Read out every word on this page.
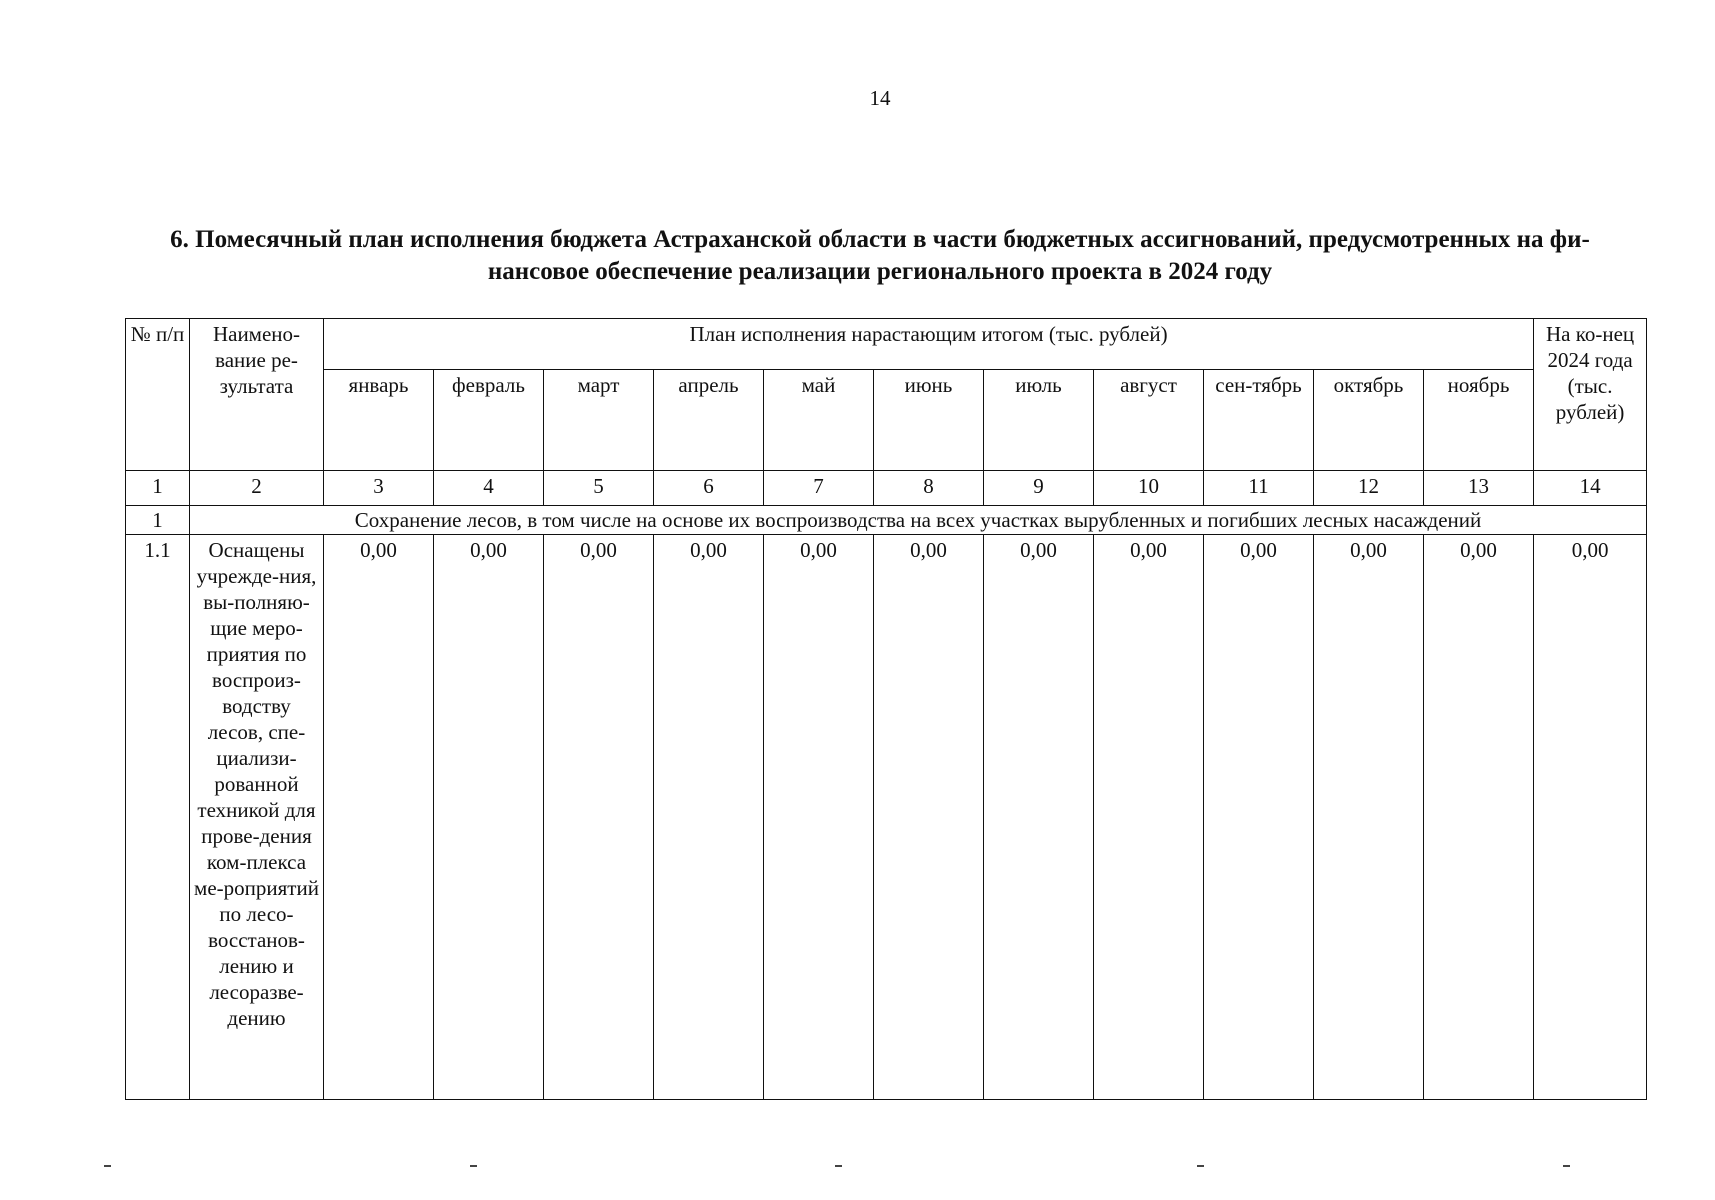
14
6. Помесячный план исполнения бюджета Астраханской области в части бюджетных ассигнований, предусмотренных на фи-
нансовое обеспечение реализации регионального проекта в 2024 году
№ п/п	Наимено-вание ре-зультата	План исполнения нарастающим итогом (тыс. рублей)											На ко-нец 2024 года (тыс. рублей)
		январь	февраль	март	апрель	май	июнь	июль	август	сен-тябрь	октябрь	ноябрь	
1	2	3	4	5	6	7	8	9	10	11	12	13	14
1	Сохранение лесов, в том числе на основе их воспроизводства на всех участках вырубленных и погибших лесных насаждений												
1.1	Оснащены учрежде-ния, вы-полняю-щие меро-приятия по воспроиз-водству лесов, спе-циализи-рованной техникой для прове-дения ком-плекса ме-роприятий по лесо-восстанов-лению и лесоразве-дению	0,00	0,00	0,00	0,00	0,00	0,00	0,00	0,00	0,00	0,00	0,00	0,00
